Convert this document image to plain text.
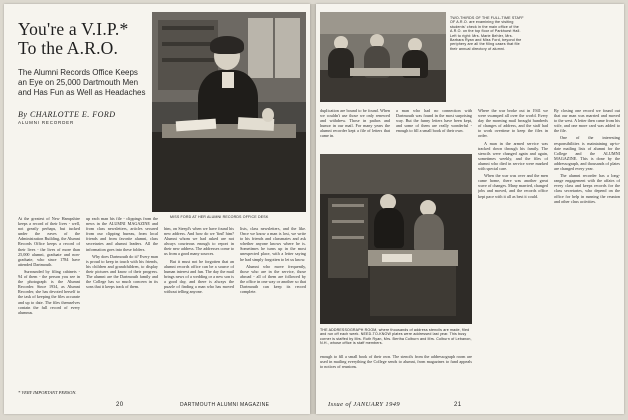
You're a V.I.P.* To the A.R.O.
The Alumni Records Office Keeps an Eye on 25,000 Dartmouth Men and Has Fun as Well as Headaches
By CHARLOTTE E. FORD
ALUMNI RECORDER
MISS FORD AT HER ALUMNI RECORDS OFFICE DESK

At the greatest of New Hampshire keeps a record of their lives - well, not greatly perhaps, but tucked under the eaves of the Administration Building, the Alumni Records Office keeps a record of their lives - the lives of more than 25,000 alumni, graduate and non-graduate, who since 1784 have attended Dartmouth.

Surrounded by filing cabinets - 94 of them - the person you see in the photograph is the Alumni Recorder. Since 1934, as Alumni Recorder, she has devoted herself to the task of keeping the files accurate and up to date. The files themselves contain the full record of every alumnus.

up each man his file - clippings from the news in the ALUMNI MAGAZINE and from class newsletters, articles secured from our clipping bureau, from local friends and from favorite alumni, class secretaries and alumni leaders. All the information goes into these folders.

Why does Dartmouth do it? Every man is proud to keep in touch with his friends, his children and grandchildren, to display their pictures and know of their progress. The alumni are the Dartmouth family and the College has so much concern in its sons that it keeps track of them.

him, on Steepl's when we have found his new address. And how do we 'find' him? Alumni whom we had asked are not always courteous enough to report in their new address. The addresses come to us from a good many sources.

But it must not be forgotten that an alumni records office can be a source of human interest and fun. The day the mail brings news of a wedding or a new son is a good day, and there is always the puzzle of finding a man who has moved without telling anyone.

lists, class newsletters, and the like. Once we know a man is lost, we write to his friends and classmates and ask whether anyone knows where he is. Sometimes he turns up in the most unexpected place, with a letter saying he had simply forgotten to let us know.

Alumni who move frequently, those who are in the service, those abroad - all of them are followed by the office in one way or another so that Dartmouth can keep its record complete.

* VERY IMPORTANT PERSON.
20	DARTMOUTH ALUMNI MAGAZINE
TWO-THIRDS OF THE FULL-TIME STAFF OF A.R.O. are examining the visiting students' check in the main office of the A.R.O. on the top floor of Parkhurst Hall. Left to right: Mrs. Marie Behler, Mrs. Barbara Ryan and Miss Ford, beyond the periphery are all the filing cases that file their annual directory of alumni.

duplication are bound to be found. When we couldn't use those we only renewed and withdrew. Those in pathos and humor in our mail. For many years the alumni recorder kept a file of letters that came in.

a man who had no connection with Dartmouth was found in the most surprising way. But the funny letters have been kept, and some of them are really wonderful - enough to fill a small book of their own.

THE ADDRESSOGRAPH ROOM, where thousands of address stencils are made, filed and run off each week. NEED-TO-KNOW plates were addressed last year. This busy corner is staffed by Mrs. Ruth Ryan, Mrs. Bertha Colburn and Mrs. Colburn of Lebanon, N.H., whose office is staff members.

Where the war broke out in 1941 we were swamped all over the world. Every day the morning mail brought hundreds of changes of address, and the staff had to work overtime to keep the files in order.

A man in the armed service was tracked down through his family. The stencils were changed again and again, sometimes weekly, and the files of alumni who died in service were marked with special care.

When the war was over and the men came home, there was another great wave of changes. Many married, changed jobs and moved, and the records office kept pace with it all as best it could.

By closing one record we found out that our man was married and moved to the west. A letter then came from his wife, and one more card was added to the file.

One of the interesting responsibilities is maintaining up-to-date mailing lists of alumni for the College and the ALUMNI MAGAZINE. This is done by the addressograph, and thousands of plates are changed every year.

The alumni recorder has a long-range engagement with the affairs of every class and keeps records for the class secretaries, who depend on the office for help in running the reunion and other class activities.

enough to fill a small book of their own. The stencils from the addressograph room are used in mailing everything the College sends to alumni, from magazines to fund appeals to notices of reunions.

Issue of JANUARY 1949	21
